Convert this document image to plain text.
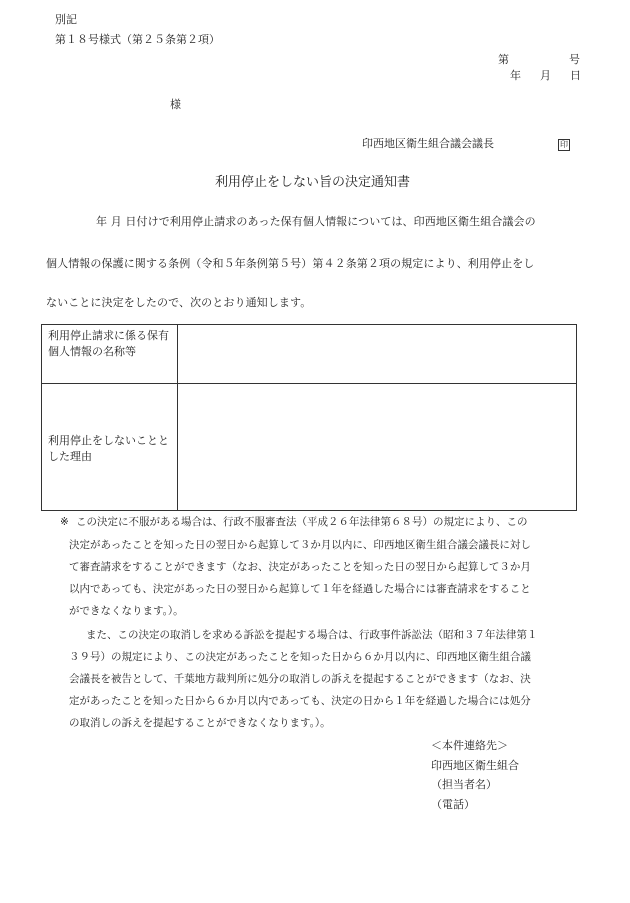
別記
第１８号様式（第２５条第２項）
第	号
年 月 日
様
印西地区衛生組合議会議長	印
利用停止をしない旨の決定通知書
年 月 日付けで利用停止請求のあった保有個人情報については、印西地区衛生組合議会の
個人情報の保護に関する条例（令和５年条例第５号）第４２条第２項の規定により、利用停止をし
ないことに決定をしたので、次のとおり通知します。
利用停止請求に係る保有個人情報の名称等	
利用停止をしないこととした理由	
※ この決定に不服がある場合は、行政不服審査法（平成２６年法律第６８号）の規定により、この
決定があったことを知った日の翌日から起算して３か月以内に、印西地区衛生組合議会議長に対し
て審査請求をすることができます（なお、決定があったことを知った日の翌日から起算して３か月
以内であっても、決定があった日の翌日から起算して１年を経過した場合には審査請求をすること
ができなくなります。）。
また、この決定の取消しを求める訴訟を提起する場合は、行政事件訴訟法（昭和３７年法律第１
３９号）の規定により、この決定があったことを知った日から６か月以内に、印西地区衛生組合議
会議長を被告として、千葉地方裁判所に処分の取消しの訴えを提起することができます（なお、決
定があったことを知った日から６か月以内であっても、決定の日から１年を経過した場合には処分
の取消しの訴えを提起することができなくなります。）。
＜本件連絡先＞
印西地区衛生組合
（担当者名）
（電話）
